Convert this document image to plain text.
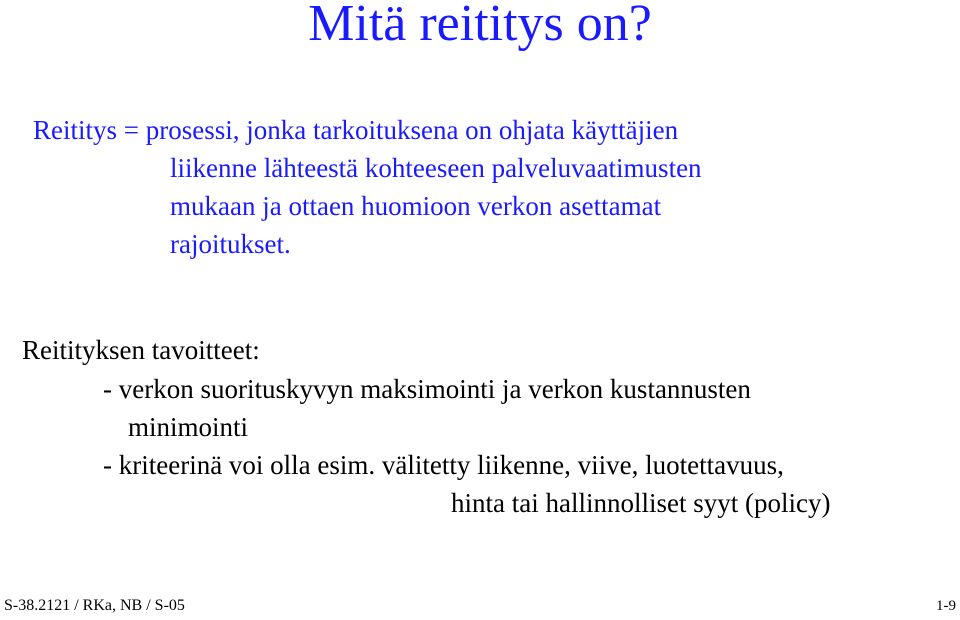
Mitä reititys on?

Reititys = prosessi, jonka tarkoituksena on ohjata käyttäjien

liikenne lähteestä kohteeseen palveluvaatimusten

mukaan ja ottaen huomioon verkon asettamat

rajoitukset.

Reitityksen tavoitteet:

- verkon suorituskyvyn maksimointi ja verkon kustannusten

minimointi

- kriteerinä voi olla esim. välitetty liikenne, viive, luotettavuus,

hinta tai hallinnolliset syyt (policy)

S-38.2121 / RKa, NB / S-05	1-9
